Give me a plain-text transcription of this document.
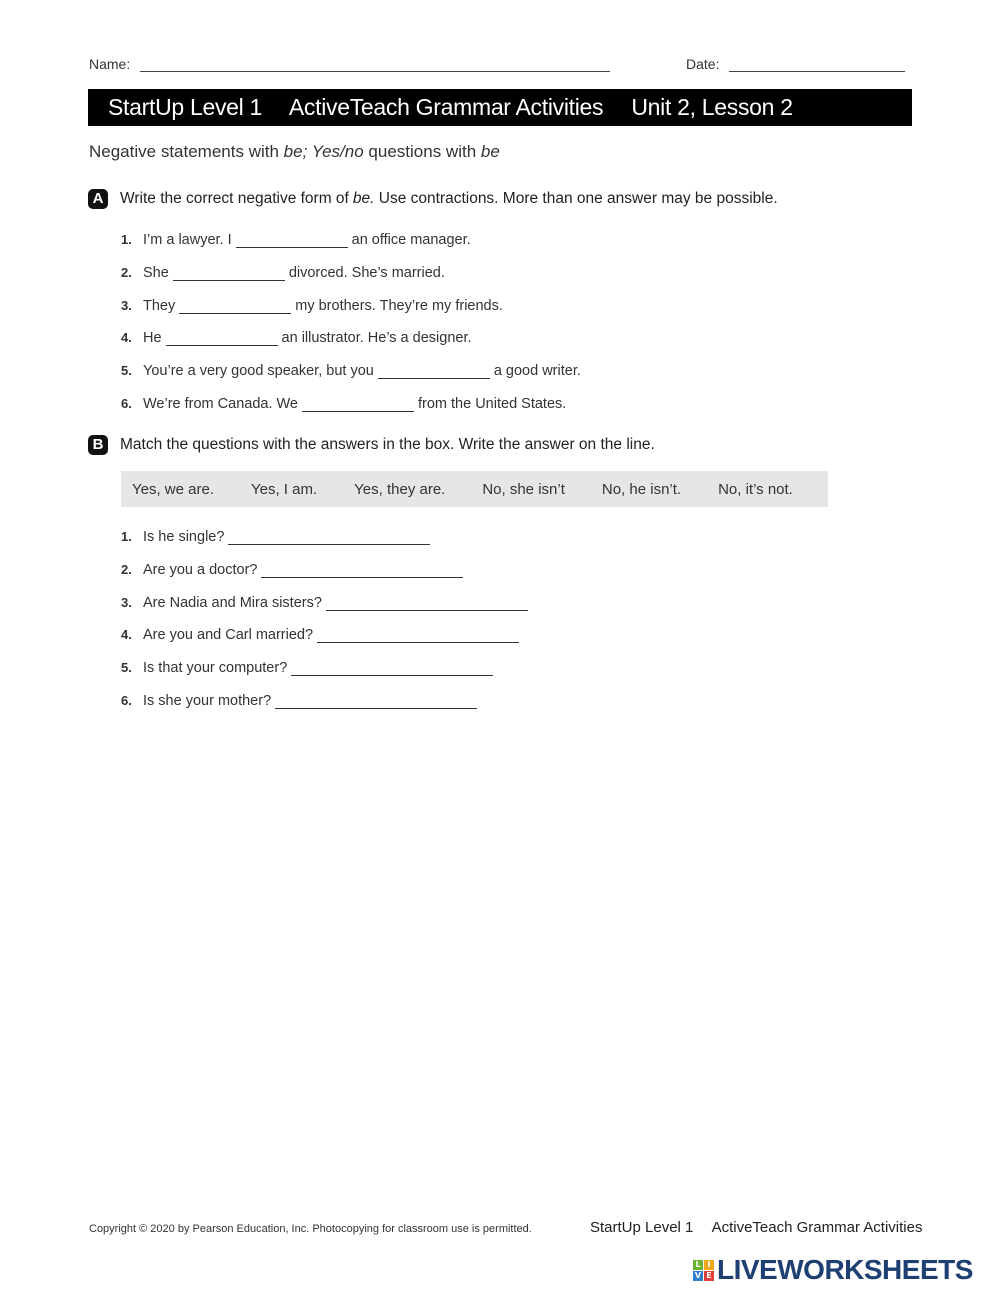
Name:	Date:
StartUp Level 1 ActiveTeach Grammar Activities Unit 2, Lesson 2
Negative statements with be; Yes/no questions with be
A Write the correct negative form of be. Use contractions. More than one answer may be possible.
1. I’m a lawyer. I	an office manager.
2. She	divorced. She’s married.
3. They	my brothers. They’re my friends.
4. He	an illustrator. He’s a designer.
5. You’re a very good speaker, but you	a good writer.
6. We’re from Canada. We	from the United States.
B Match the questions with the answers in the box. Write the answer on the line.
Yes, we are. Yes, I am. Yes, they are. No, she isn’t No, he isn’t. No, it’s not.
1. Is he single?
2. Are you a doctor?
3. Are Nadia and Mira sisters?
4. Are you and Carl married?
5. Is that your computer?
6. Is she your mother?
Copyright © 2020 by Pearson Education, Inc. Photocopying for classroom use is permitted.	StartUp Level 1 ActiveTeach Grammar Activities
L I
V E LIVEWORKSHEETS
